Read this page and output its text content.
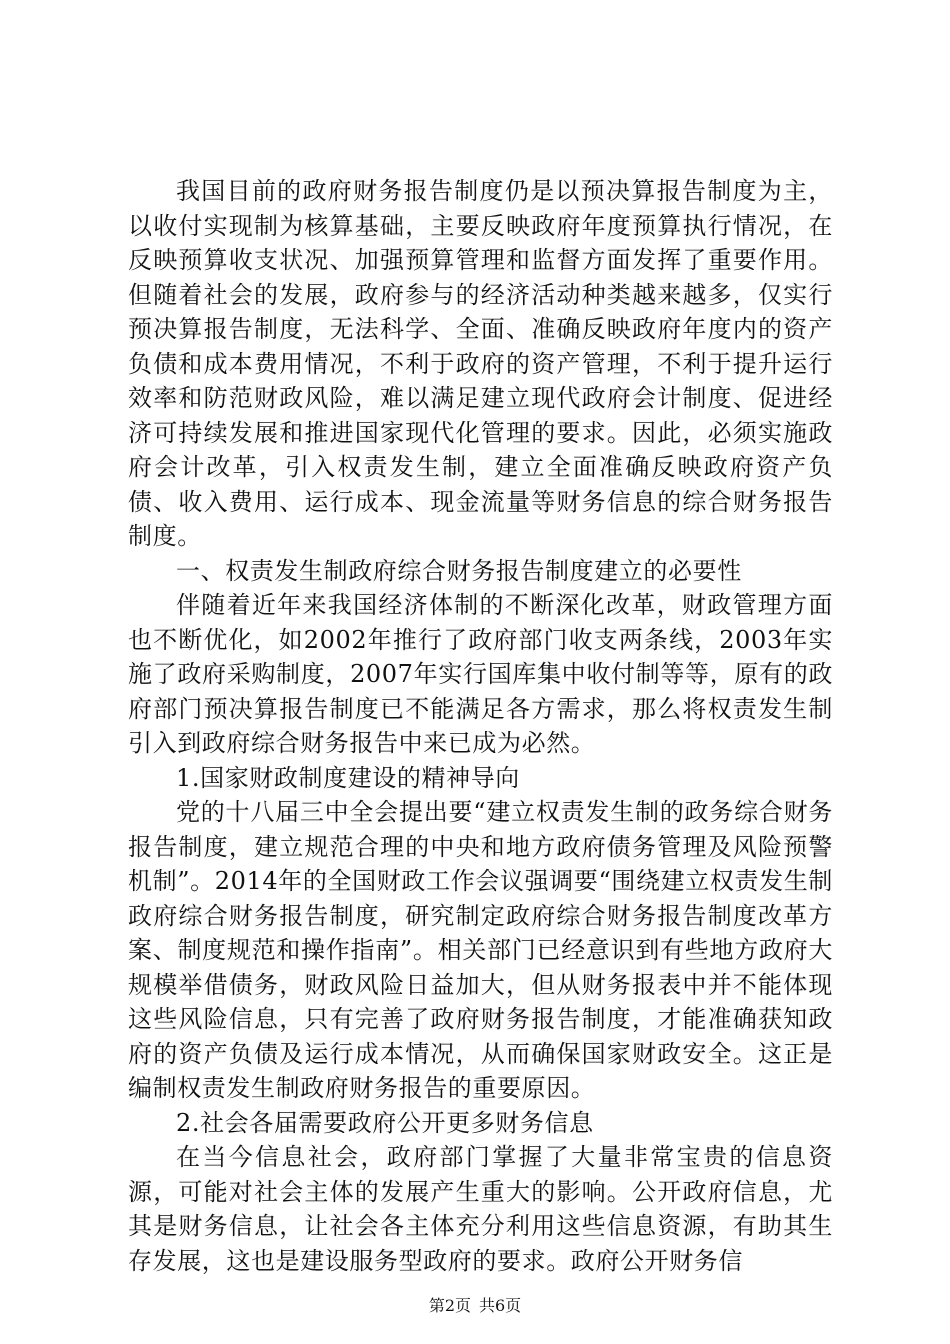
我国目前的政府财务报告制度仍是以预决算报告制度为主，以收付实现制为核算基础，主要反映政府年度预算执行情况，在反映预算收支状况、加强预算管理和监督方面发挥了重要作用。但随着社会的发展，政府参与的经济活动种类越来越多，仅实行预决算报告制度，无法科学、全面、准确反映政府年度内的资产负债和成本费用情况，不利于政府的资产管理，不利于提升运行效率和防范财政风险，难以满足建立现代政府会计制度、促进经济可持续发展和推进国家现代化管理的要求。因此，必须实施政府会计改革，引入权责发生制，建立全面准确反映政府资产负债、收入费用、运行成本、现金流量等财务信息的综合财务报告制度。

一、权责发生制政府综合财务报告制度建立的必要性

伴随着近年来我国经济体制的不断深化改革，财政管理方面也不断优化，如2002年推行了政府部门收支两条线，2003年实施了政府采购制度，2007年实行国库集中收付制等等，原有的政府部门预决算报告制度已不能满足各方需求，那么将权责发生制引入到政府综合财务报告中来已成为必然。

1.国家财政制度建设的精神导向

党的十八届三中全会提出要“建立权责发生制的政务综合财务报告制度，建立规范合理的中央和地方政府债务管理及风险预警机制”。2014年的全国财政工作会议强调要“围绕建立权责发生制政府综合财务报告制度，研究制定政府综合财务报告制度改革方案、制度规范和操作指南”。相关部门已经意识到有些地方政府大规模举借债务，财政风险日益加大，但从财务报表中并不能体现这些风险信息，只有完善了政府财务报告制度，才能准确获知政府的资产负债及运行成本情况，从而确保国家财政安全。这正是编制权责发生制政府财务报告的重要原因。

2.社会各届需要政府公开更多财务信息

在当今信息社会，政府部门掌握了大量非常宝贵的信息资源，可能对社会主体的发展产生重大的影响。公开政府信息，尤其是财务信息，让社会各主体充分利用这些信息资源，有助其生存发展，这也是建设服务型政府的要求。政府公开财务信

第2页 共6页
